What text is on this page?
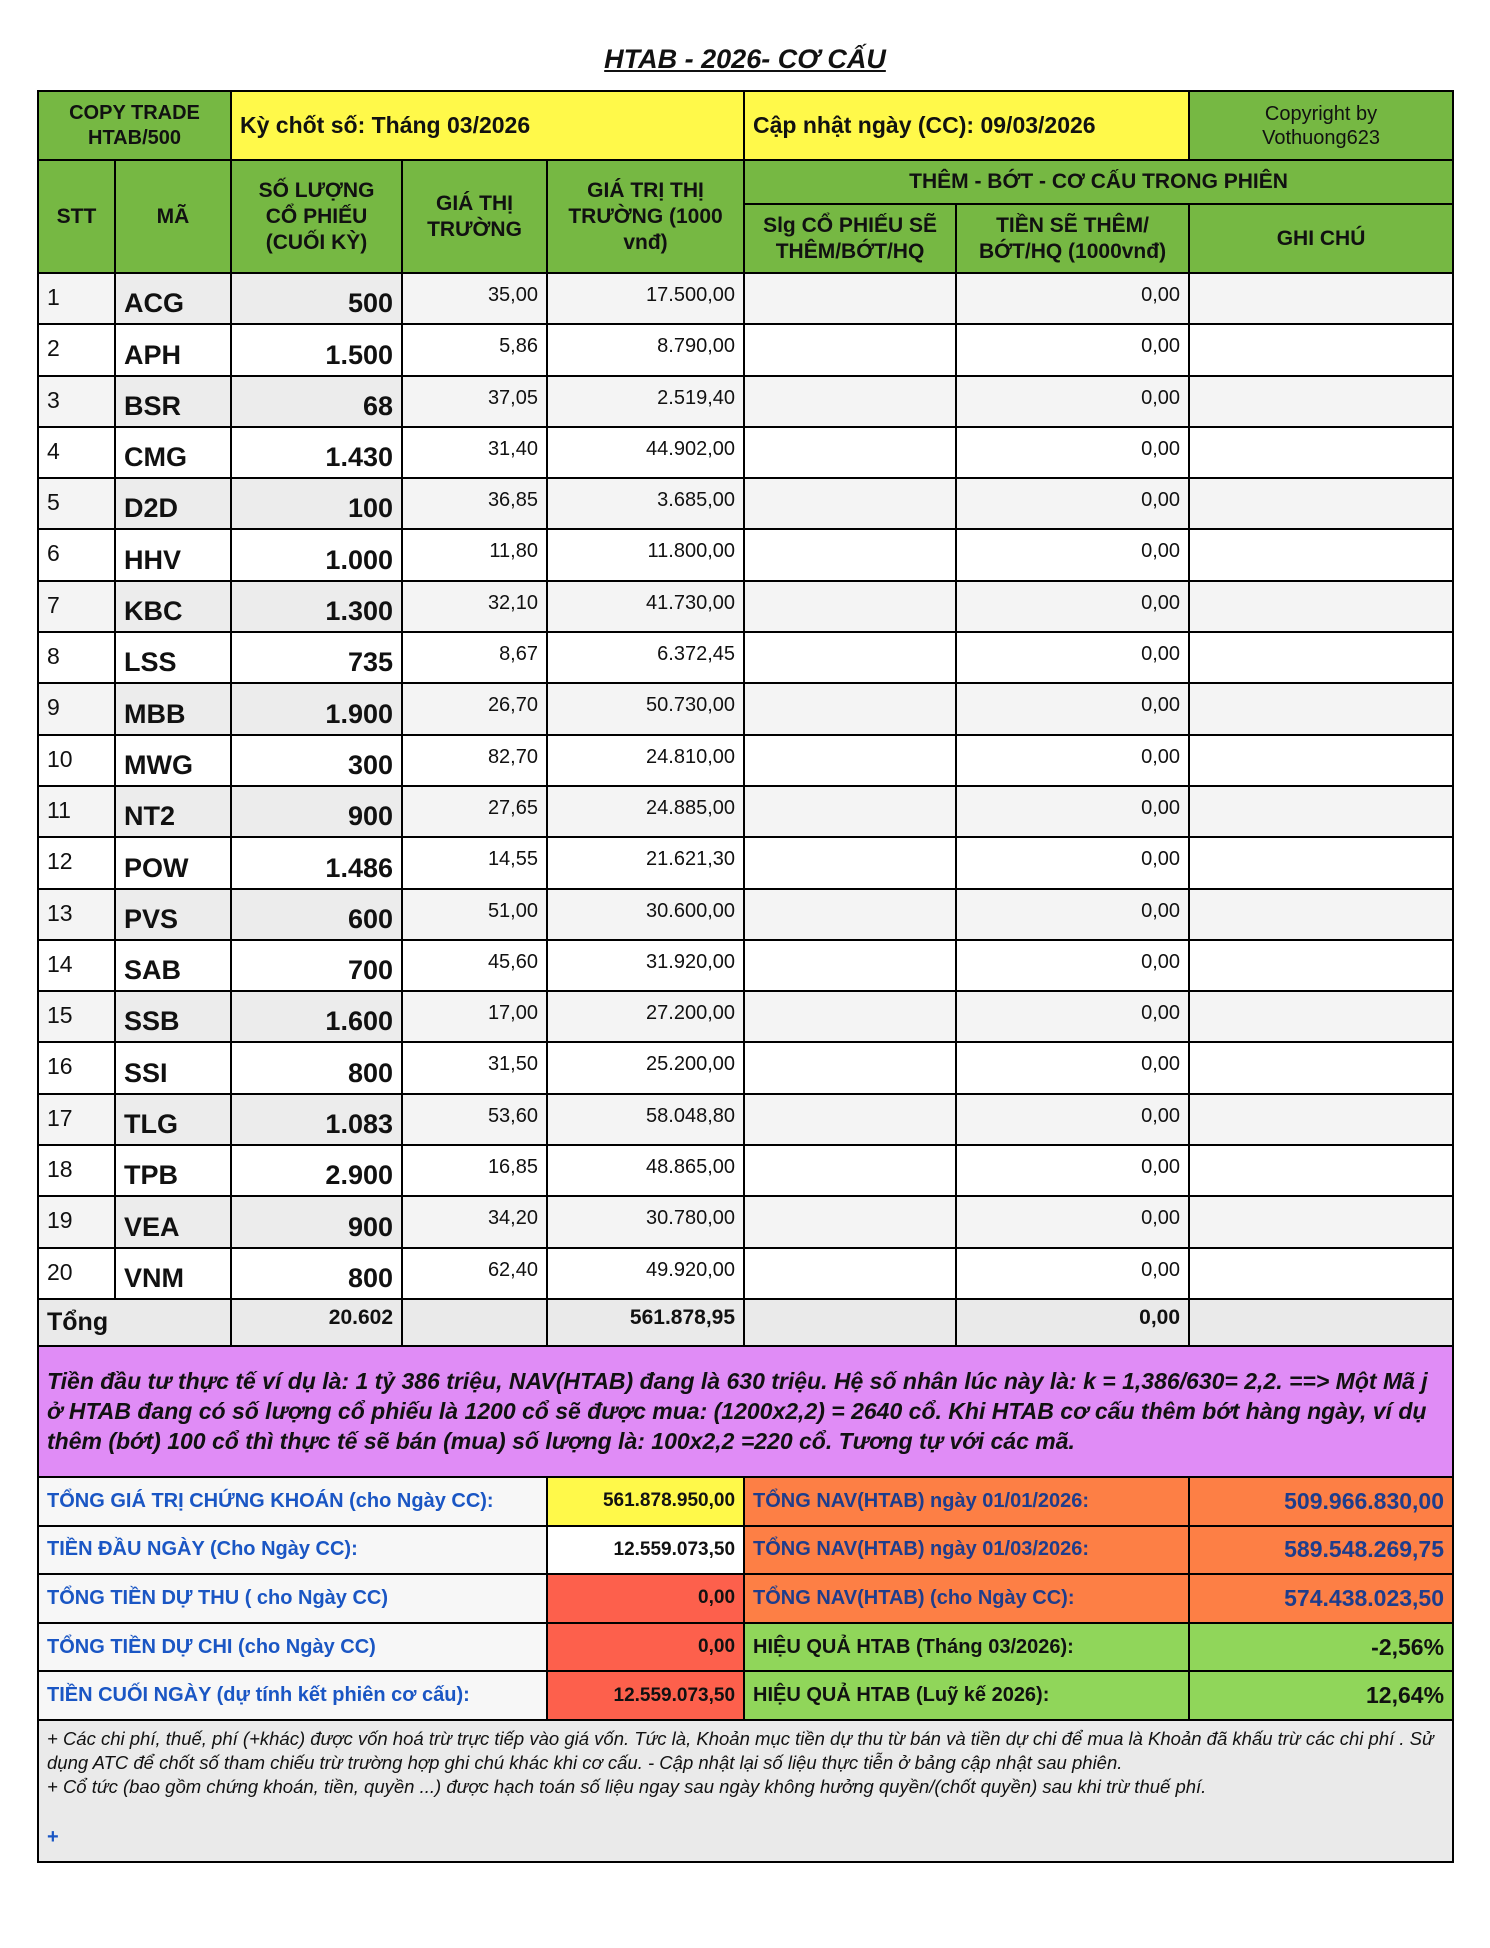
HTAB - 2026- CƠ CẤU
COPY TRADE HTAB/500		Kỳ chốt số: Tháng 03/2026			Cập nhật ngày (CC): 09/03/2026		Copyright by
Vothuong623

STT	MÃ	SỐ LƯỢNG CỔ PHIẾU (CUỐI KỲ)	GIÁ THỊ TRƯỜNG	GIÁ TRỊ THỊ TRƯỜNG (1000 vnđ)	THÊM - BỚT - CƠ CẤU TRONG PHIÊN		
					Slg CỔ PHIẾU SẼ THÊM/BỚT/HQ	TIỀN SẼ THÊM/ BỚT/HQ (1000vnđ)	GHI CHÚ
1	ACG	500	35,00	17.500,00		0,00	
2	APH	1.500	5,86	8.790,00		0,00	
3	BSR	68	37,05	2.519,40		0,00	
4	CMG	1.430	31,40	44.902,00		0,00	
5	D2D	100	36,85	3.685,00		0,00	
6	HHV	1.000	11,80	11.800,00		0,00	
7	KBC	1.300	32,10	41.730,00		0,00	
8	LSS	735	8,67	6.372,45		0,00	
9	MBB	1.900	26,70	50.730,00		0,00	
10	MWG	300	82,70	24.810,00		0,00	
11	NT2	900	27,65	24.885,00		0,00	
12	POW	1.486	14,55	21.621,30		0,00	
13	PVS	600	51,00	30.600,00		0,00	
14	SAB	700	45,60	31.920,00		0,00	
15	SSB	1.600	17,00	27.200,00		0,00	
16	SSI	800	31,50	25.200,00		0,00	
17	TLG	1.083	53,60	58.048,80		0,00	
18	TPB	2.900	16,85	48.865,00		0,00	
19	VEA	900	34,20	30.780,00		0,00	
20	VNM	800	62,40	49.920,00		0,00	
Tổng		20.602		561.878,95		0,00	
Tiền đầu tư thực tế ví dụ là: 1 tỷ 386 triệu, NAV(HTAB) đang là 630 triệu. Hệ số nhân lúc này là: k = 1,386/630= 2,2. ==> Một Mã j ở HTAB đang có số lượng cổ phiếu là 1200 cổ sẽ được mua: (1200x2,2) = 2640 cổ. Khi HTAB cơ cấu thêm bớt hàng ngày, ví dụ thêm (bớt) 100 cổ thì thực tế sẽ bán (mua) số lượng là: 100x2,2 =220 cổ. Tương tự với các mã.							
TỔNG GIÁ TRỊ CHỨNG KHOÁN (cho Ngày CC):				561.878.950,00	TỔNG NAV(HTAB) ngày 01/01/2026:		509.966.830,00
TIỀN ĐẦU NGÀY (Cho Ngày CC):				12.559.073,50	TỔNG NAV(HTAB) ngày 01/03/2026:		589.548.269,75
TỔNG TIỀN DỰ THU ( cho Ngày CC)				0,00	TỔNG NAV(HTAB) (cho Ngày CC):		574.438.023,50
TỔNG TIỀN DỰ CHI (cho Ngày CC)				0,00	HIỆU QUẢ HTAB (Tháng 03/2026):		-2,56%
TIỀN CUỐI NGÀY (dự tính kết phiên cơ cấu):				12.559.073,50	HIỆU QUẢ HTAB (Luỹ kế 2026):		12,64%

+ Các chi phí, thuế, phí (+khác) được vốn hoá trừ trực tiếp vào giá vốn. Tức là, Khoản mục tiền dự thu từ bán và tiền dự chi để mua là Khoản đã khấu trừ các chi phí . Sử dụng ATC để chốt số tham chiếu trừ trường hợp ghi chú khác khi cơ cấu. - Cập nhật lại số liệu thực tiễn ở bảng cập nhật sau phiên.
+ Cổ tức (bao gồm chứng khoán, tiền, quyền ...) được hạch toán số liệu ngay sau ngày không hưởng quyền/(chốt quyền) sau khi trừ thuế phí.
+							
